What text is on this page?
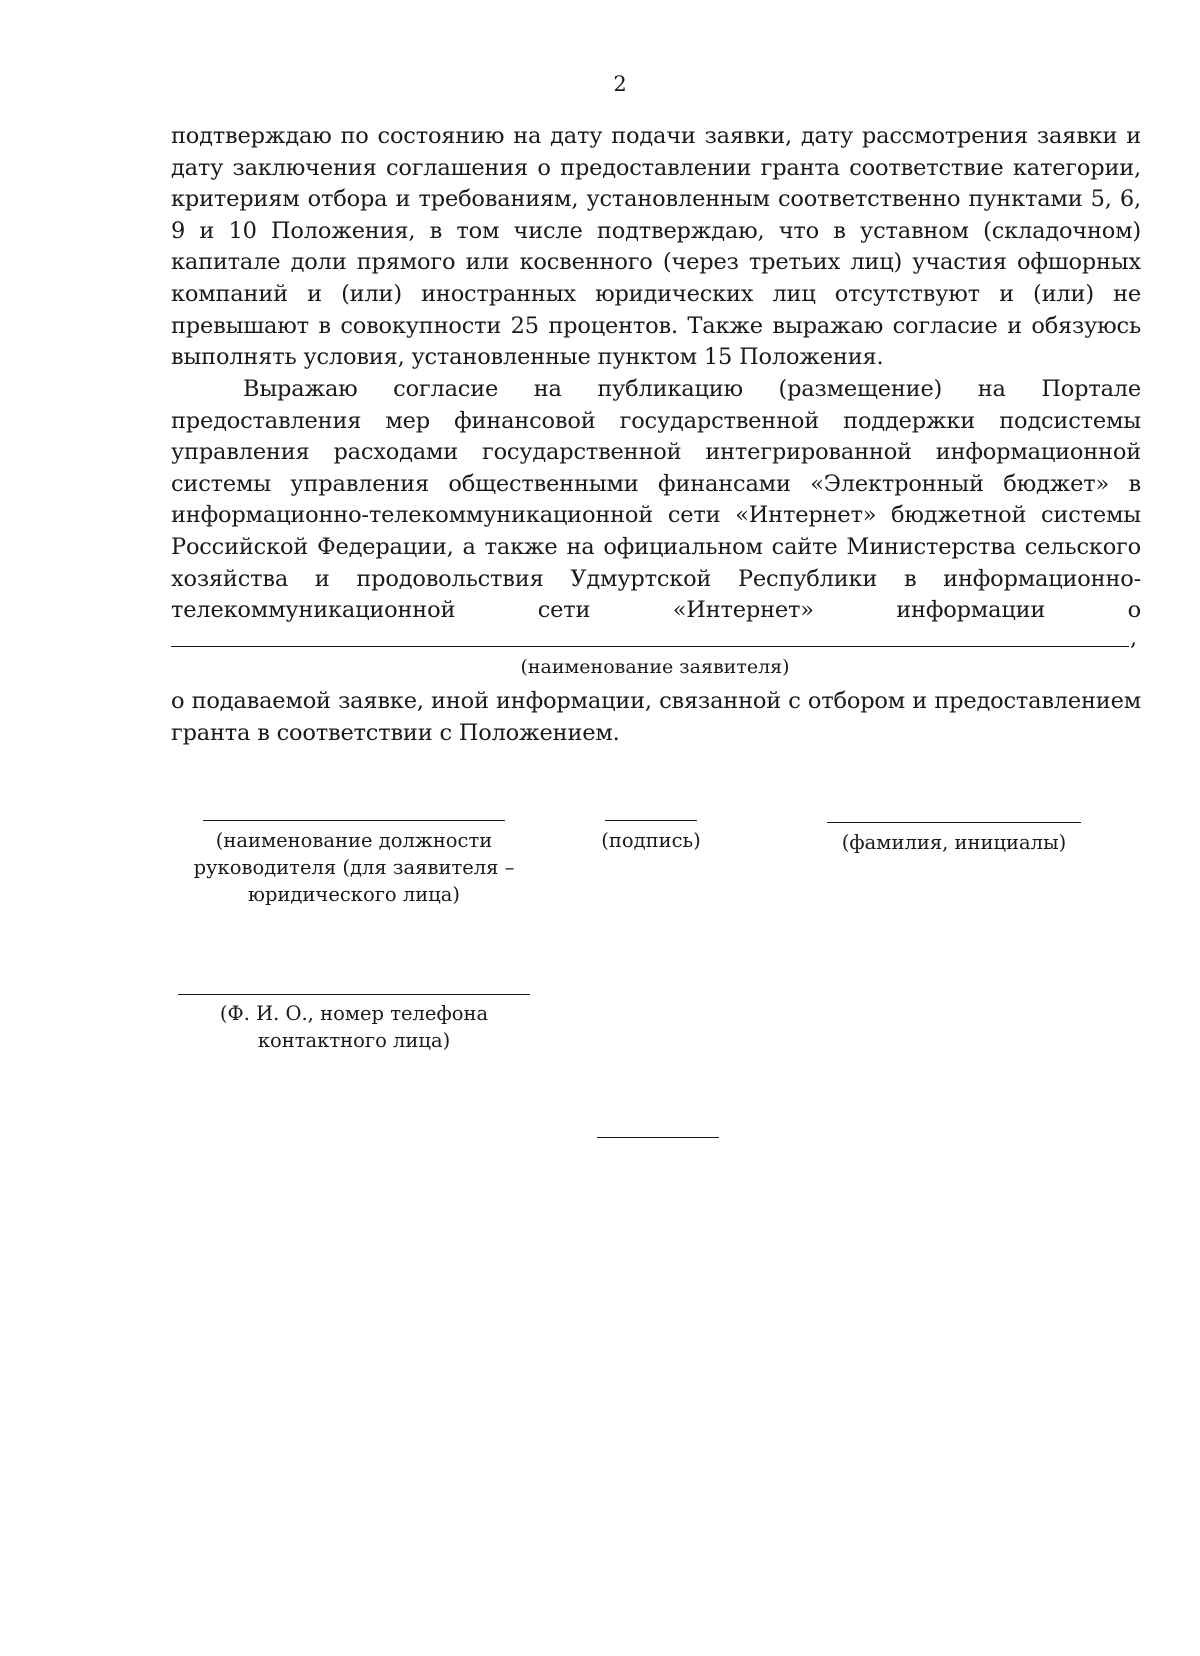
2
подтверждаю по состоянию на дату подачи заявки, дату рассмотрения заявки и дату заключения соглашения о предоставлении гранта соответствие категории, критериям отбора и требованиям, установленным соответственно пунктами 5, 6, 9 и 10 Положения, в том числе подтверждаю, что в уставном (складочном) капитале доли прямого или косвенного (через третьих лиц) участия офшорных компаний и (или) иностранных юридических лиц отсутствуют и (или) не превышают в совокупности 25 процентов. Также выражаю согласие и обязуюсь выполнять условия, установленные пунктом 15 Положения.
Выражаю согласие на публикацию (размещение) на Портале предоставления мер финансовой государственной поддержки подсистемы управления расходами государственной интегрированной информационной системы управления общественными финансами «Электронный бюджет» в информационно-телекоммуникационной сети «Интернет» бюджетной системы Российской Федерации, а также на официальном сайте Министерства сельского хозяйства и продовольствия Удмуртской Республики в информационно-телекоммуникационной сети «Интернет» информации о
,
(наименование заявителя)
о подаваемой заявке, иной информации, связанной с отбором и предоставлением гранта в соответствии с Положением.
(наименование должности руководителя (для заявителя – юридического лица)
(подпись)	(фамилия, инициалы)
(Ф. И. О., номер телефона контактного лица)
